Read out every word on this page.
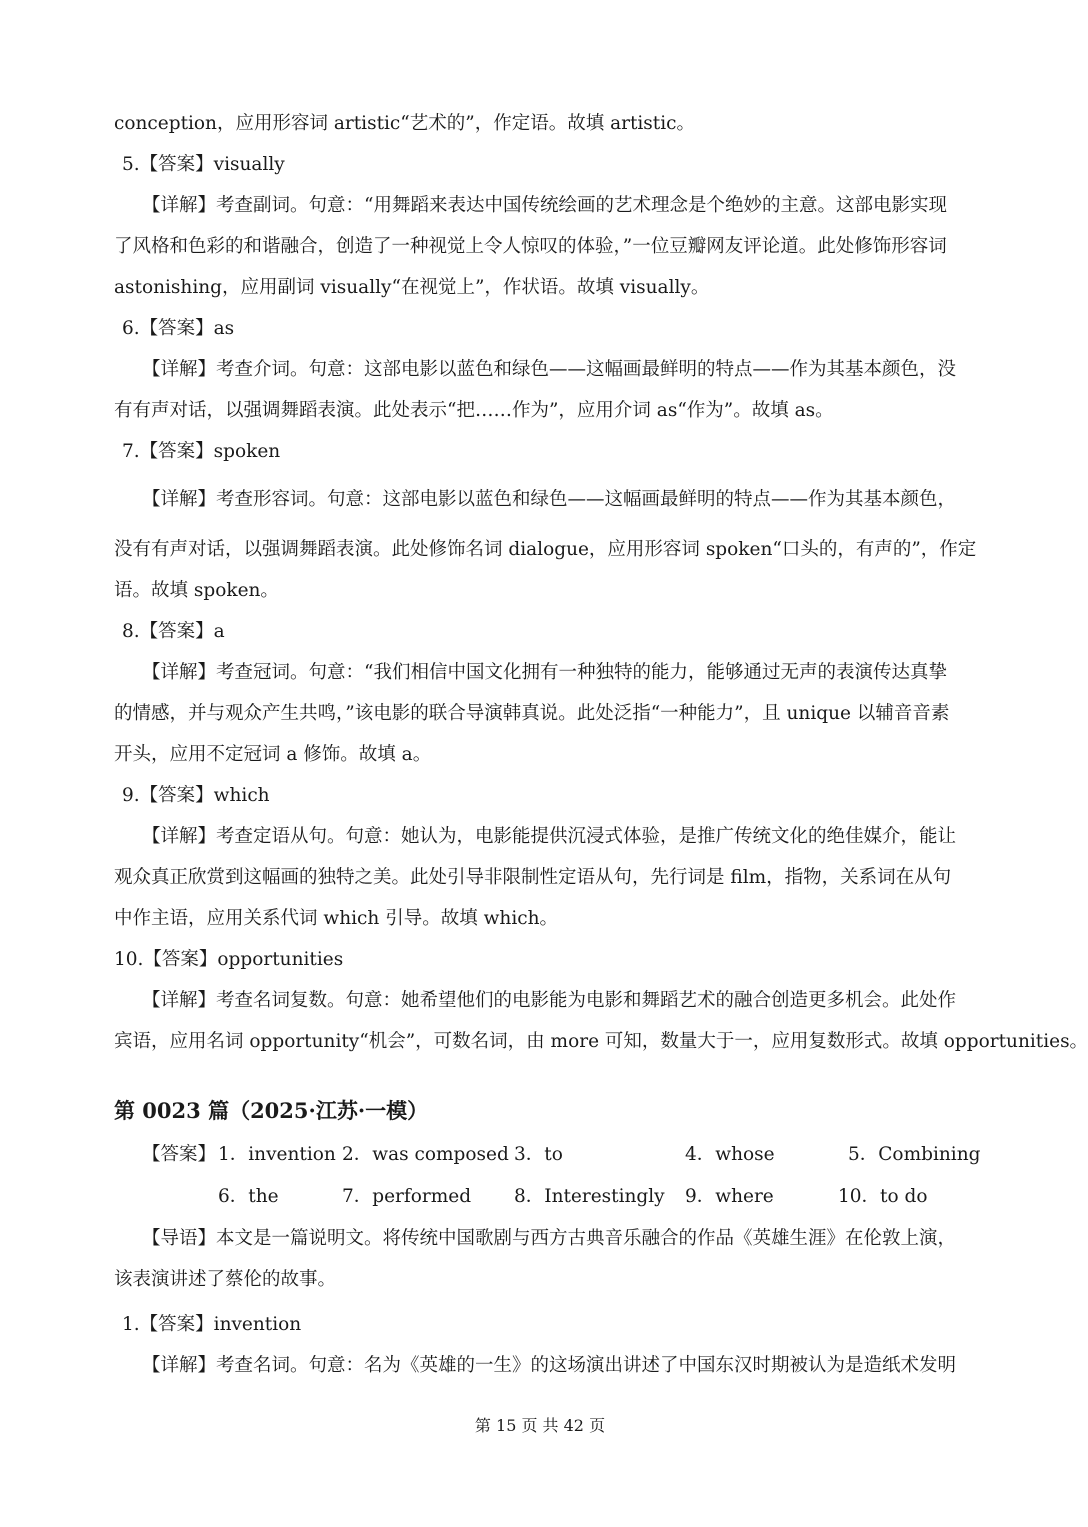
conception，应用形容词 artistic“艺术的”，作定语。故填 artistic。
5.【答案】visually
【详解】考查副词。句意：“用舞蹈来表达中国传统绘画的艺术理念是个绝妙的主意。这部电影实现
了风格和色彩的和谐融合，创造了一种视觉上令人惊叹的体验，”一位豆瓣网友评论道。此处修饰形容词
astonishing，应用副词 visually“在视觉上”，作状语。故填 visually。
6.【答案】as
【详解】考查介词。句意：这部电影以蓝色和绿色——这幅画最鲜明的特点——作为其基本颜色，没
有有声对话，以强调舞蹈表演。此处表示“把……作为”，应用介词 as“作为”。故填 as。
7.【答案】spoken
【详解】考查形容词。句意：这部电影以蓝色和绿色——这幅画最鲜明的特点——作为其基本颜色，
没有有声对话，以强调舞蹈表演。此处修饰名词 dialogue，应用形容词 spoken“口头的，有声的”，作定
语。故填 spoken。
8.【答案】a
【详解】考查冠词。句意：“我们相信中国文化拥有一种独特的能力，能够通过无声的表演传达真挚
的情感，并与观众产生共鸣，”该电影的联合导演韩真说。此处泛指“一种能力”，且 unique 以辅音音素
开头，应用不定冠词 a 修饰。故填 a。
9.【答案】which
【详解】考查定语从句。句意：她认为，电影能提供沉浸式体验，是推广传统文化的绝佳媒介，能让
观众真正欣赏到这幅画的独特之美。此处引导非限制性定语从句，先行词是 film，指物，关系词在从句
中作主语，应用关系代词 which 引导。故填 which。
10.【答案】opportunities
【详解】考查名词复数。句意：她希望他们的电影能为电影和舞蹈艺术的融合创造更多机会。此处作
宾语，应用名词 opportunity“机会”，可数名词，由 more 可知，数量大于一，应用复数形式。故填 opportunities。
第 0023 篇（2025·江苏·一模）
【答案】 1．invention 2．was composed 3．to	4．whose	5．Combining
6．the	7．performed 8．Interestingly 9．where	10．to do
【导语】本文是一篇说明文。将传统中国歌剧与西方古典音乐融合的作品《英雄生涯》在伦敦上演，
该表演讲述了蔡伦的故事。
1.【答案】invention
【详解】考查名词。句意：名为《英雄的一生》的这场演出讲述了中国东汉时期被认为是造纸术发明
第 15 页 共 42 页
